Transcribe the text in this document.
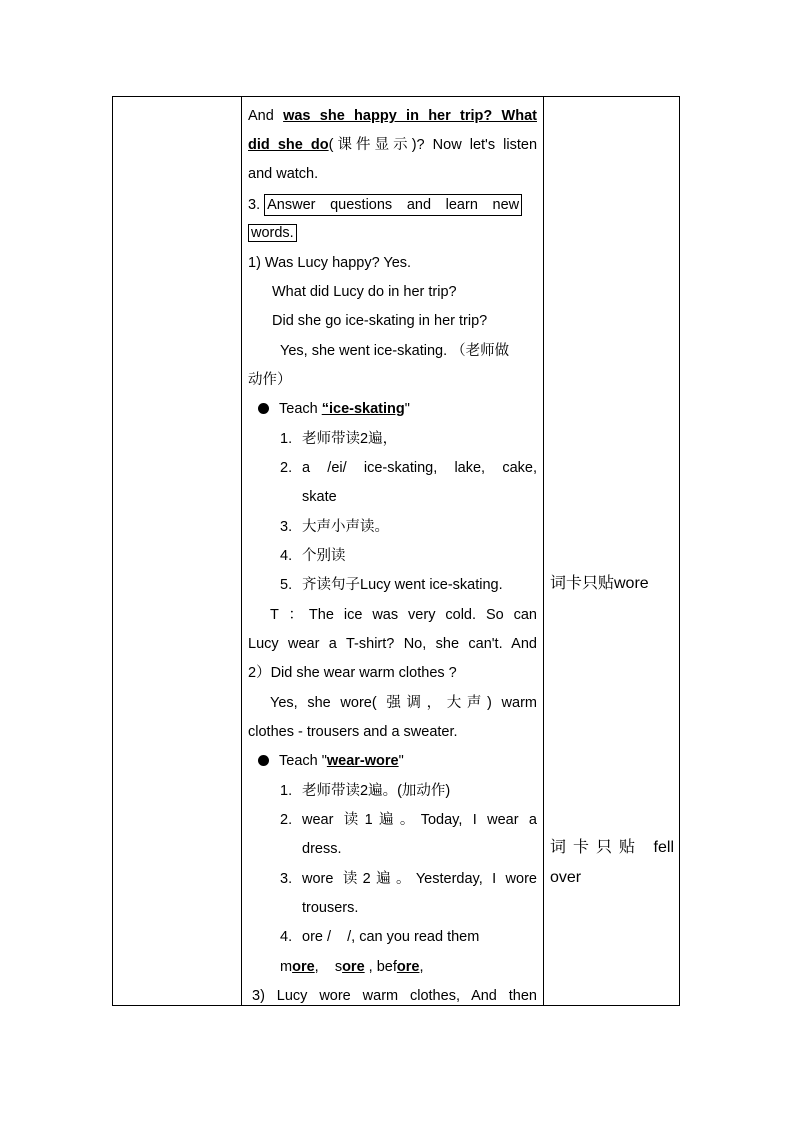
And was she happy in her trip? What
did she do(课件显示)? Now let's listen
and watch.
3. Answer questions and learn new
words.
1) Was Lucy happy? Yes.
What did Lucy do in her trip?
Did she go ice-skating in her trip?
Yes, she went ice-skating. （老师做
动作）
Teach “ice-skating"
1. 老师带读2遍，
2. a /ei/ ice-skating, lake, cake,
skate
3. 大声小声读。
4. 个别读
5. 齐读句子Lucy went ice-skating.
T ：The ice was very cold. So can
Lucy wear a T-shirt? No, she can't. And
2）Did she wear warm clothes ?
Yes, she wore( 强调，大声) warm
clothes - trousers and a sweater.
Teach "wear-wore"
1. 老师带读2遍。(加动作)
2. wear 读1遍。Today, I wear a
dress.
3. wore 读2遍。Yesterday, I wore
trousers.
4. ore /    /, can you read them
more,    sore , before,
3) Lucy wore warm clothes, And then
词卡只贴wore
词卡只贴 fell
over
